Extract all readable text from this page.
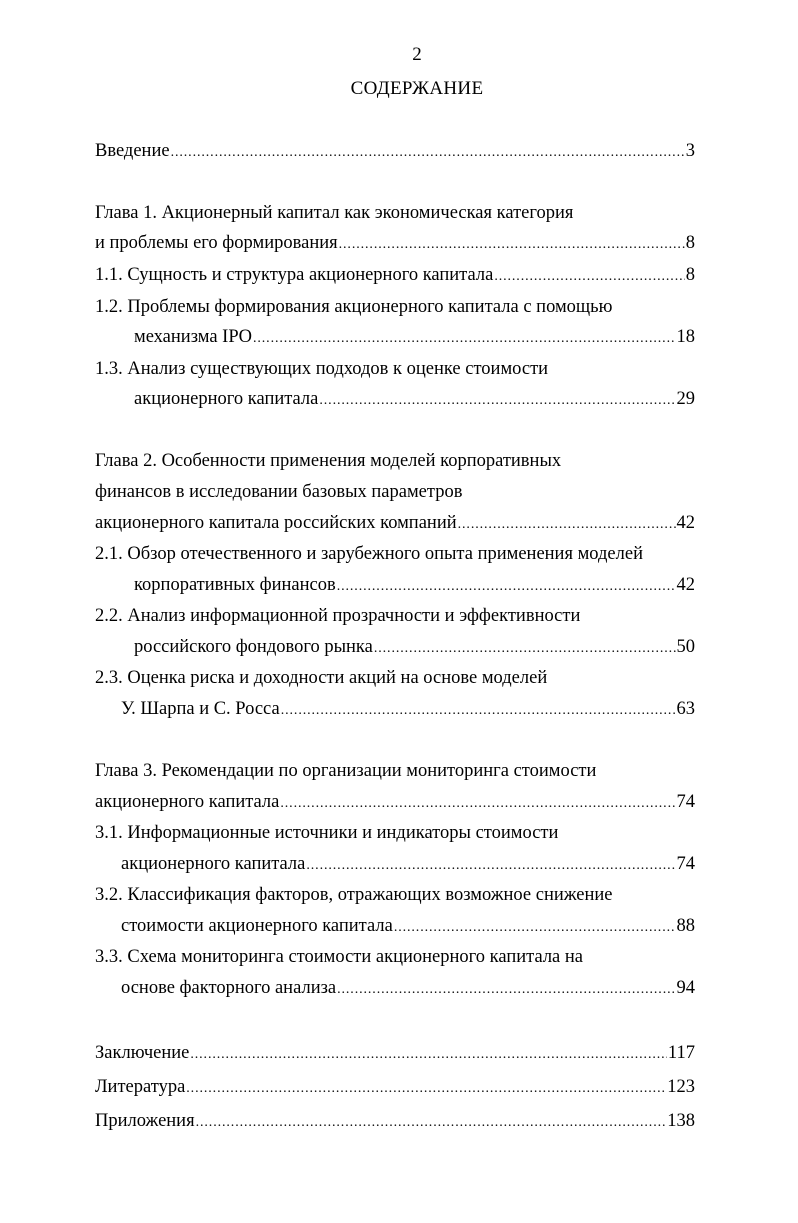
2
СОДЕРЖАНИЕ
Введение .....	3
Глава 1. Акционерный капитал как экономическая категория
и проблемы его формирования .....	8
1.1. Сущность и структура акционерного капитала .....	8
1.2. Проблемы формирования акционерного капитала с помощью
механизма IPO .....	18
1.3. Анализ существующих подходов к оценке стоимости
акционерного капитала .....	29
Глава 2. Особенности применения моделей корпоративных
финансов в исследовании базовых параметров
акционерного капитала российских компаний .....	42
2.1. Обзор отечественного и зарубежного опыта применения моделей
корпоративных финансов .....	42
2.2. Анализ информационной прозрачности и эффективности
российского фондового рынка .....	50
2.3. Оценка риска и доходности акций на основе моделей
У. Шарпа и С. Росса .....	63
Глава 3. Рекомендации по организации мониторинга стоимости
акционерного капитала .....	74
3.1. Информационные источники и индикаторы стоимости
акционерного капитала .....	74
3.2. Классификация факторов, отражающих возможное снижение
стоимости акционерного капитала .....	88
3.3. Схема мониторинга стоимости акционерного капитала на
основе факторного анализа .....	94
Заключение .....	117
Литература .....	123
Приложения .....	138
